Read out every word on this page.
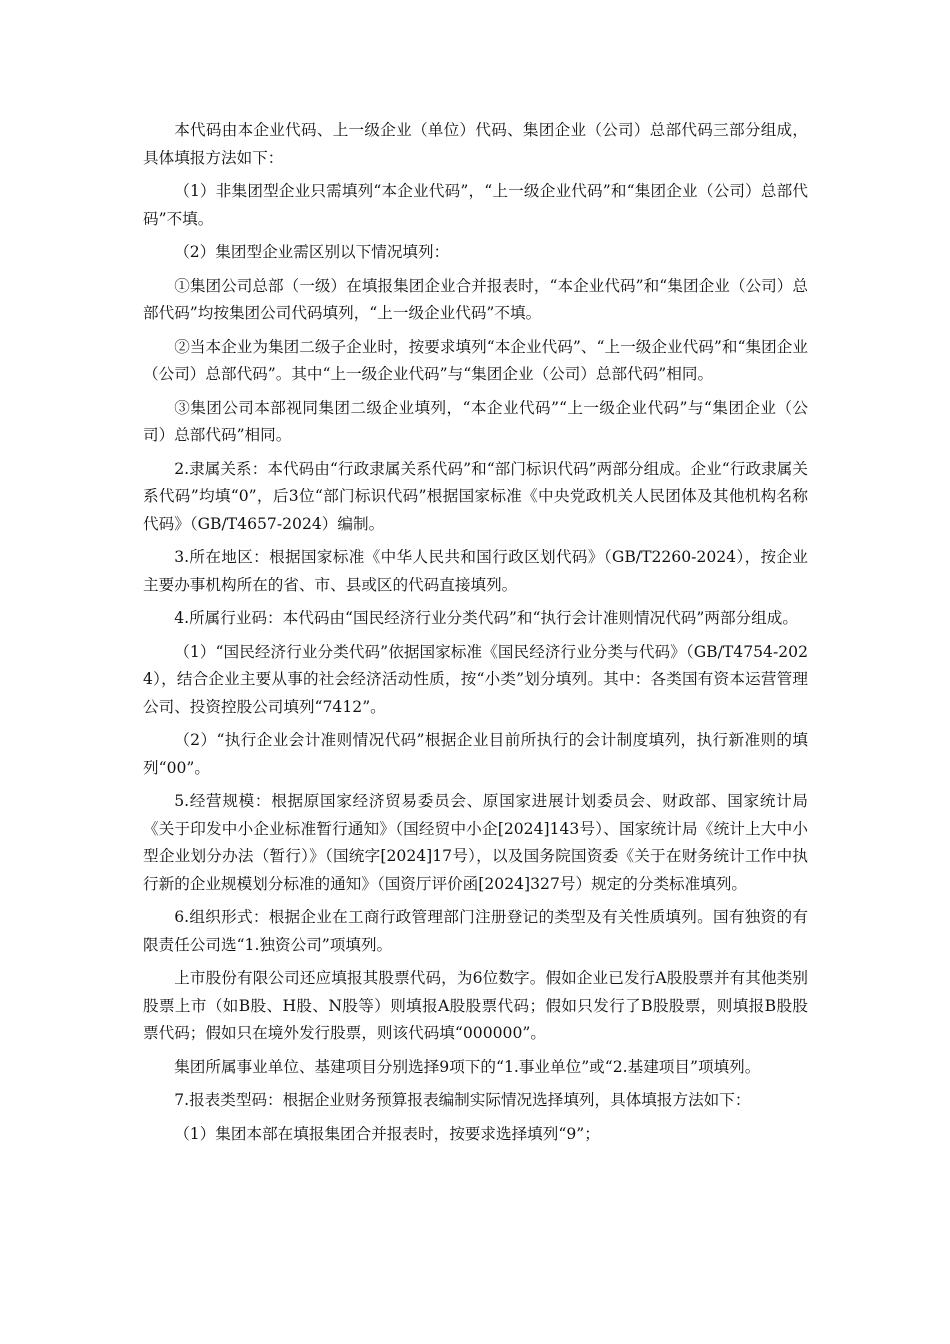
本代码由本企业代码、上一级企业（单位）代码、集团企业（公司）总部代码三部分组成，具体填报方法如下：

（1）非集团型企业只需填列“本企业代码”，“上一级企业代码”和“集团企业（公司）总部代码”不填。

（2）集团型企业需区别以下情况填列：

①集团公司总部（一级）在填报集团企业合并报表时，“本企业代码”和“集团企业（公司）总部代码”均按集团公司代码填列，“上一级企业代码”不填。

②当本企业为集团二级子企业时，按要求填列“本企业代码”、“上一级企业代码”和“集团企业（公司）总部代码”。其中“上一级企业代码”与“集团企业（公司）总部代码”相同。

③集团公司本部视同集团二级企业填列，“本企业代码”“上一级企业代码”与“集团企业（公司）总部代码”相同。

2.隶属关系：本代码由“行政隶属关系代码”和“部门标识代码”两部分组成。企业“行政隶属关系代码”均填“0”，后3位“部门标识代码”根据国家标准《中央党政机关人民团体及其他机构名称代码》（GB/T4657-2024）编制。

3.所在地区：根据国家标准《中华人民共和国行政区划代码》（GB/T2260-2024），按企业主要办事机构所在的省、市、县或区的代码直接填列。

4.所属行业码：本代码由“国民经济行业分类代码”和“执行会计准则情况代码”两部分组成。

（1）“国民经济行业分类代码”依据国家标准《国民经济行业分类与代码》（GB/T4754-2024），结合企业主要从事的社会经济活动性质，按“小类”划分填列。其中：各类国有资本运营管理公司、投资控股公司填列“7412”。

（2）“执行企业会计准则情况代码”根据企业目前所执行的会计制度填列，执行新准则的填列“00”。

5.经营规模：根据原国家经济贸易委员会、原国家进展计划委员会、财政部、国家统计局《关于印发中小企业标准暂行通知》（国经贸中小企[2024]143号）、国家统计局《统计上大中小型企业划分办法（暂行）》（国统字[2024]17号），以及国务院国资委《关于在财务统计工作中执行新的企业规模划分标准的通知》（国资厅评价函[2024]327号）规定的分类标准填列。

6.组织形式：根据企业在工商行政管理部门注册登记的类型及有关性质填列。国有独资的有限责任公司选“1.独资公司”项填列。

上市股份有限公司还应填报其股票代码，为6位数字。假如企业已发行A股股票并有其他类别股票上市（如B股、H股、N股等）则填报A股股票代码；假如只发行了B股股票，则填报B股股票代码；假如只在境外发行股票，则该代码填“000000”。

集团所属事业单位、基建项目分别选择9项下的“1.事业单位”或“2.基建项目”项填列。

7.报表类型码：根据企业财务预算报表编制实际情况选择填列，具体填报方法如下：

（1）集团本部在填报集团合并报表时，按要求选择填列“9”；
